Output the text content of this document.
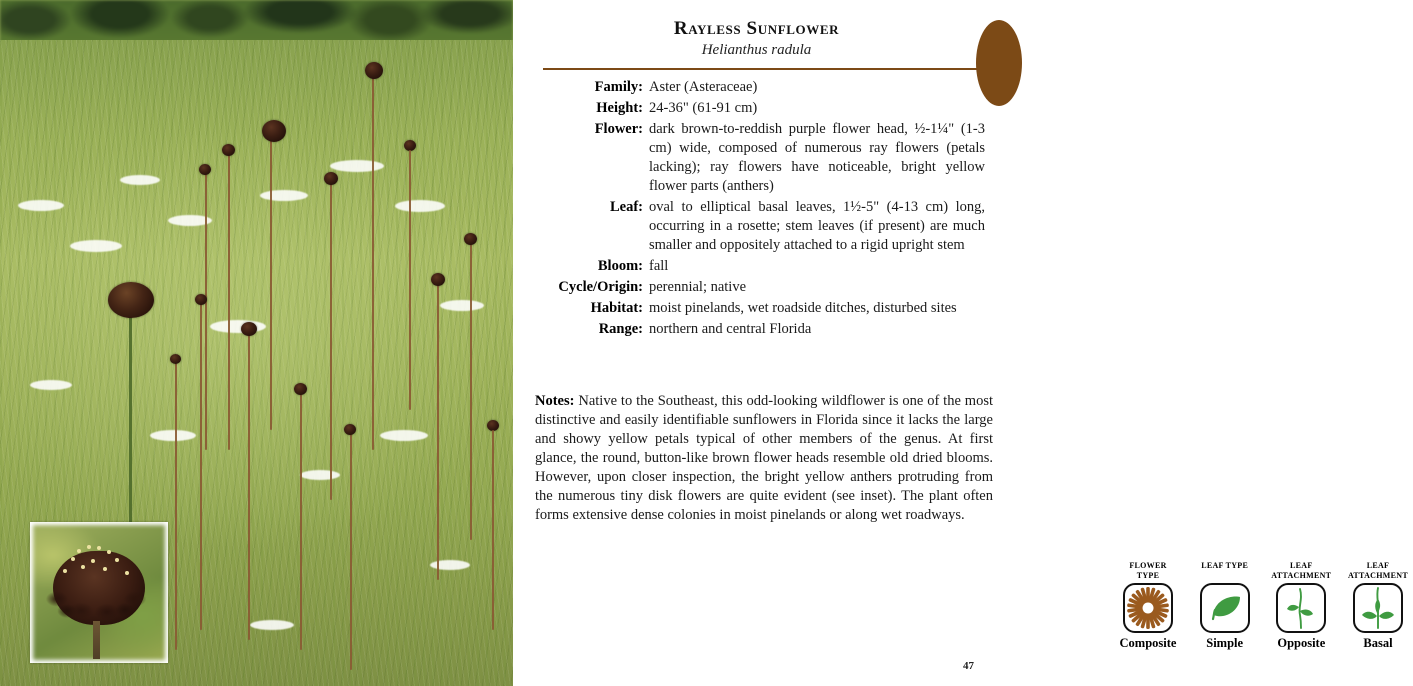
Rayless Sunflower
Helianthus radula
Family: Aster (Asteraceae)
Height: 24-36" (61-91 cm)
Flower: dark brown-to-reddish purple flower head, ½-1¼" (1-3 cm) wide, composed of numerous ray flowers (petals lacking); ray flowers have noticeable, bright yellow flower parts (anthers)
Leaf: oval to elliptical basal leaves, 1½-5" (4-13 cm) long, occurring in a rosette; stem leaves (if present) are much smaller and oppositely attached to a rigid upright stem
Bloom: fall
Cycle/Origin: perennial; native
Habitat: moist pinelands, wet roadside ditches, disturbed sites
Range: northern and central Florida
Notes: Native to the Southeast, this odd-looking wildflower is one of the most distinctive and easily identifiable sunflowers in Florida since it lacks the large and showy yellow petals typical of other members of the genus. At first glance, the round, button-like brown flower heads resemble old dried blooms. However, upon closer inspection, the bright yellow anthers protruding from the numerous tiny disk flowers are quite evident (see inset). The plant often forms extensive dense colonies in moist pinelands or along wet roadways.
FLOWER
TYPE
Composite
LEAF TYPE
Simple
LEAF
ATTACHMENT
Opposite
LEAF
ATTACHMENT
Basal
47
